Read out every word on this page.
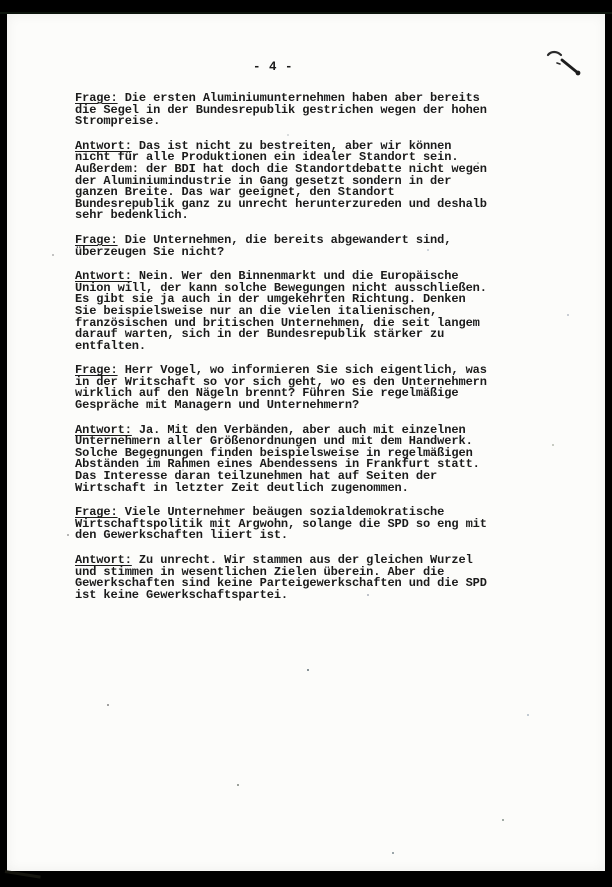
- 4 -
Frage: Die ersten Aluminiumunternehmen haben aber bereits
die Segel in der Bundesrepublik gestrichen wegen der hohen
Strompreise.
Antwort: Das ist nicht zu bestreiten, aber wir können
nicht für alle Produktionen ein idealer Standort sein.
Außerdem: der BDI hat doch die Standortdebatte nicht wegen
der Aluminiumindustrie in Gang gesetzt sondern in der
ganzen Breite. Das war geeignet, den Standort
Bundesrepublik ganz zu unrecht herunterzureden und deshalb
sehr bedenklich.
Frage: Die Unternehmen, die bereits abgewandert sind,
überzeugen Sie nicht?
Antwort: Nein. Wer den Binnenmarkt und die Europäische
Union will, der kann solche Bewegungen nicht ausschließen.
Es gibt sie ja auch in der umgekehrten Richtung. Denken
Sie beispielsweise nur an die vielen italienischen,
französischen und britischen Unternehmen, die seit langem
darauf warten, sich in der Bundesrepublik stärker zu
entfalten.
Frage: Herr Vogel, wo informieren Sie sich eigentlich, was
in der Writschaft so vor sich geht, wo es den Unternehmern
wirklich auf den Nägeln brennt? Führen Sie regelmäßige
Gespräche mit Managern und Unternehmern?
Antwort: Ja. Mit den Verbänden, aber auch mit einzelnen
Unternehmern aller Größenordnungen und mit dem Handwerk.
Solche Begegnungen finden beispielsweise in regelmäßigen
Abständen im Rahmen eines Abendessens in Frankfurt statt.
Das Interesse daran teilzunehmen hat auf Seiten der
Wirtschaft in letzter Zeit deutlich zugenommen.
Frage: Viele Unternehmer beäugen sozialdemokratische
Wirtschaftspolitik mit Argwohn, solange die SPD so eng mit
den Gewerkschaften liiert ist.
Antwort: Zu unrecht. Wir stammen aus der gleichen Wurzel
und stimmen in wesentlichen Zielen überein. Aber die
Gewerkschaften sind keine Parteigewerkschaften und die SPD
ist keine Gewerkschaftspartei.
